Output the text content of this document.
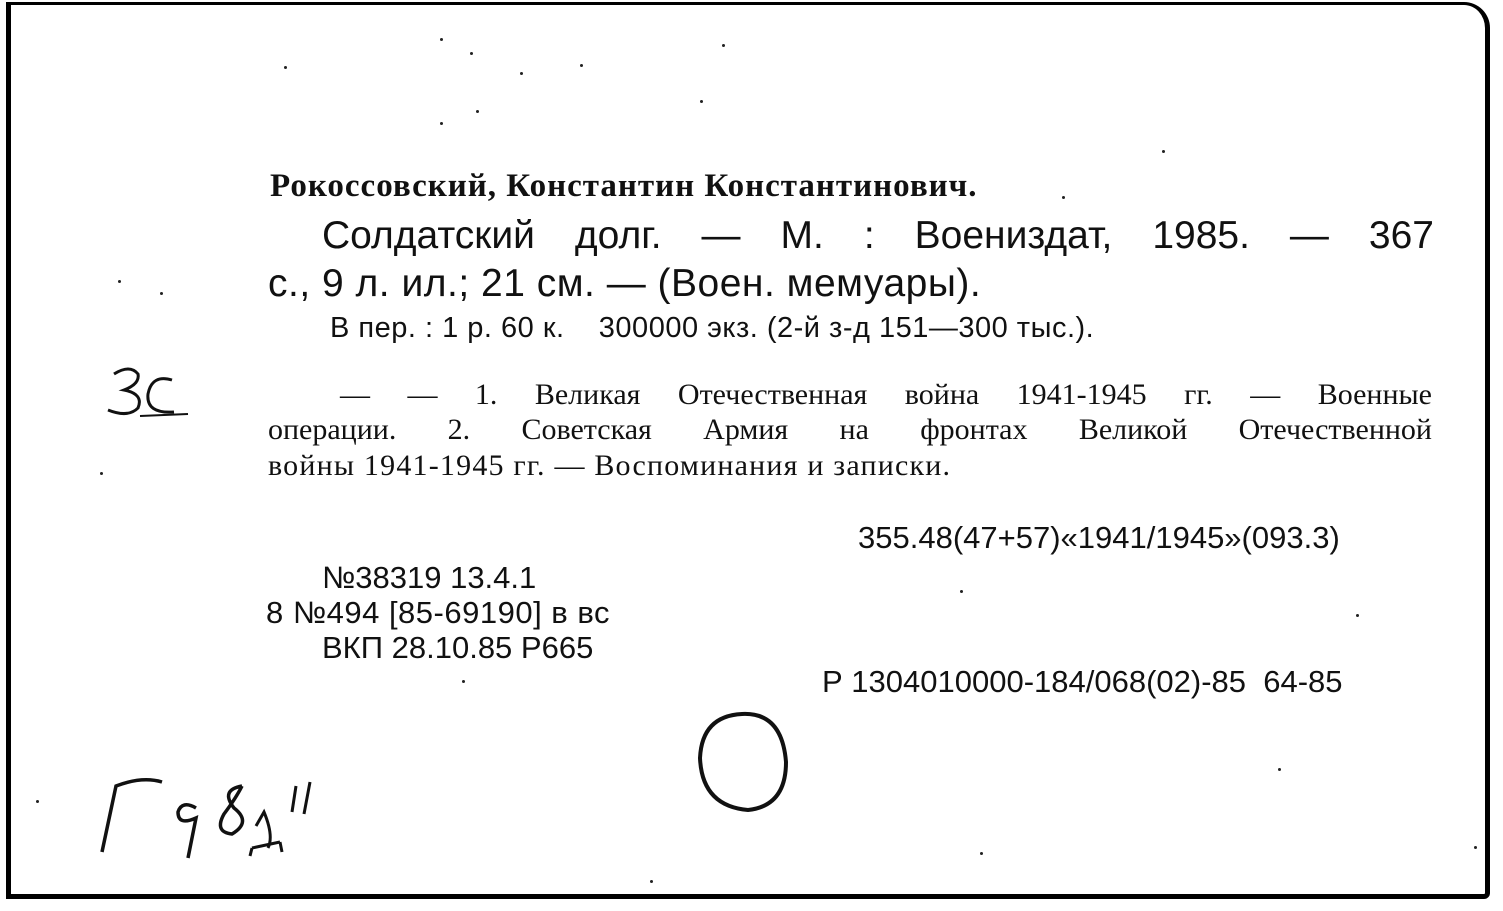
Рокоссовский, Константин Константинович.
Солдатский долг. — М. : Воениздат, 1985. — 367
с., 9 л. ил.; 21 см. — (Воен. мемуары).
В пер. : 1 р. 60 к.    300000 экз. (2-й з-д 151—300 тыс.).
— — 1. Великая Отечественная война 1941-1945 гг. — Военные
операции. 2. Советская Армия на фронтах Великой Отечественной
войны 1941-1945 гг. — Воспоминания и записки.
355.48(47+57)«1941/1945»(093.3)
№38319 13.4.1
8 №494 [85-69190] в вс
ВКП 28.10.85 Р665
Р 1304010000-184/068(02)-85  64-85
